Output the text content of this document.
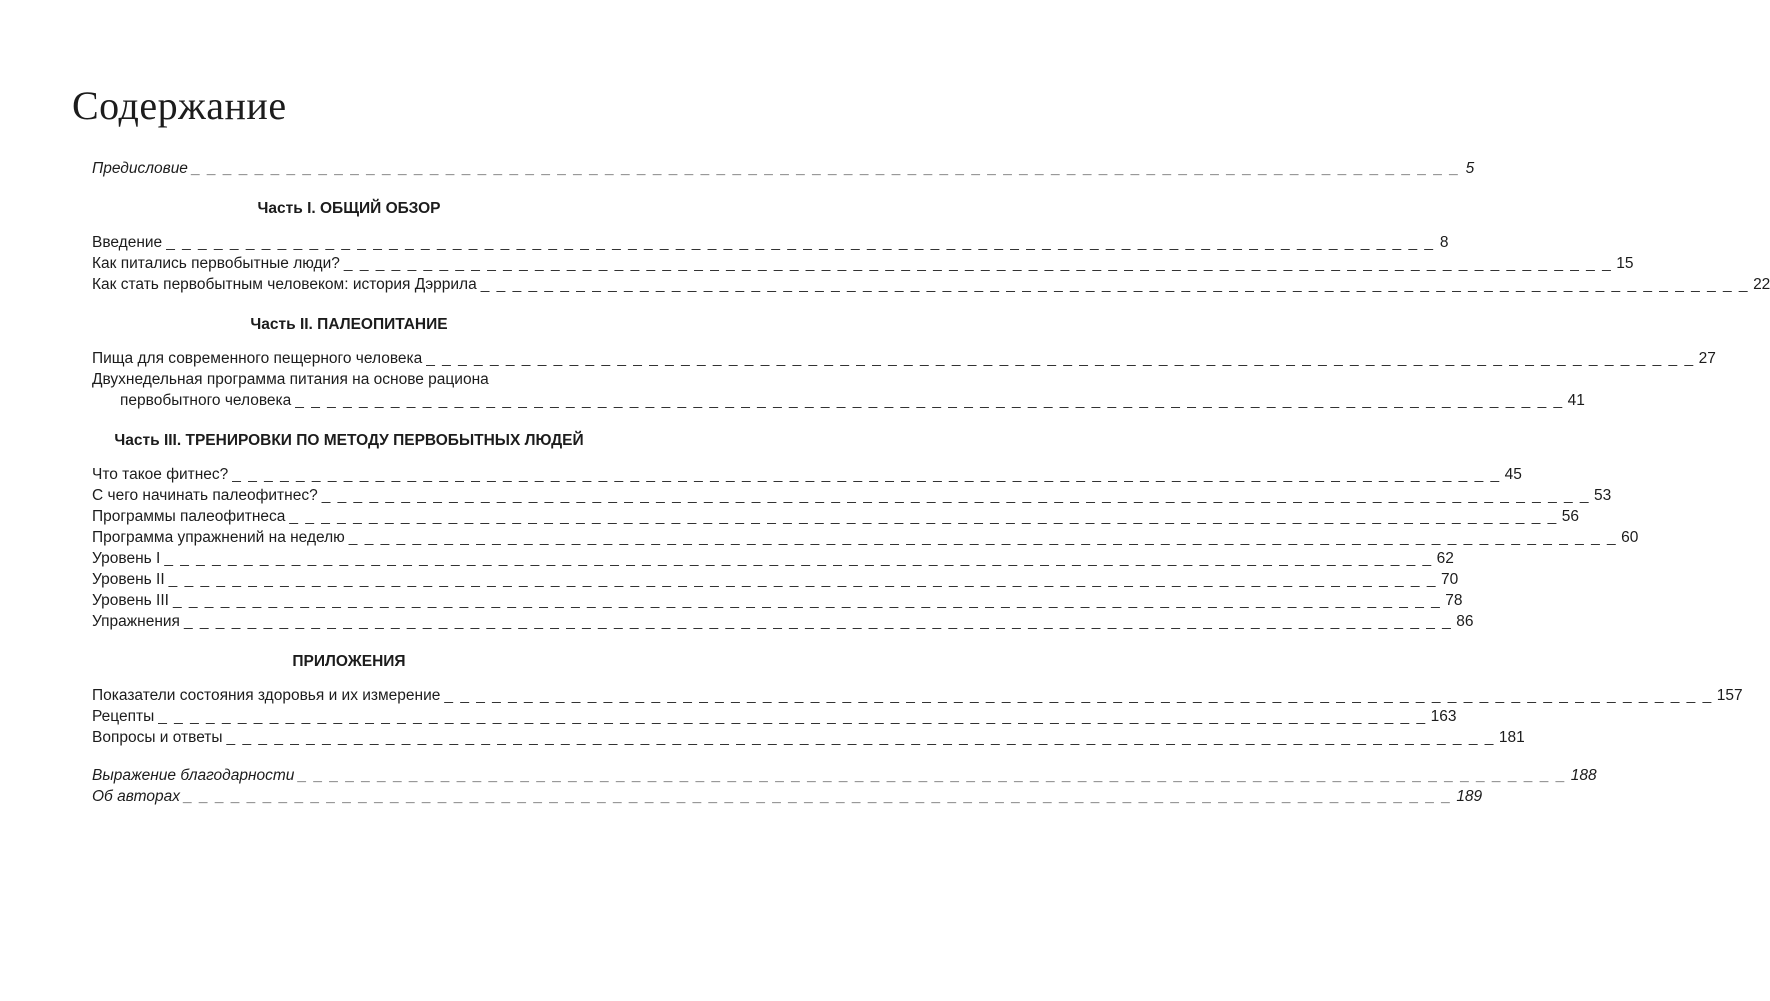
Содержание
Предисловие _ _ _ _ _ _ _ _ _ _ _ _ _ _ _ _ _ _ _ _ _ _ _ _ _ _ _ _ _ _ _ _ _ _ _ _ _ _ _ _ _ _ _ _ _ _ _ _ _ _ _ _ _ _ _ _ _ _ _ _ _ _ _ _ _ _ _ _ _ _ _ _ _ _ _ _ _ _ _ _ 5
Часть I. ОБЩИЙ ОБЗОР
Введение _ _ _ _ _ _ _ _ _ _ _ _ _ _ _ _ _ _ _ _ _ _ _ _ _ _ _ _ _ _ _ _ _ _ _ _ _ _ _ _ _ _ _ _ _ _ _ _ _ _ _ _ _ _ _ _ _ _ _ _ _ _ _ _ _ _ _ _ _ _ _ _ _ _ _ _ _ _ _ _ 8
Как питались первобытные люди? _ _ _ _ _ _ _ _ _ _ _ _ _ _ _ _ _ _ _ _ _ _ _ _ _ _ _ _ _ _ _ _ _ _ _ _ _ _ _ _ _ _ _ _ _ _ _ _ _ _ _ _ _ _ _ _ _ _ _ _ _ _ _ _ _ _ _ _ _ _ _ _ _ _ _ _ _ _ _ _ 15
Как стать первобытным человеком: история Дэррила _ _ _ _ _ _ _ _ _ _ _ _ _ _ _ _ _ _ _ _ _ _ _ _ _ _ _ _ _ _ _ _ _ _ _ _ _ _ _ _ _ _ _ _ _ _ _ _ _ _ _ _ _ _ _ _ _ _ _ _ _ _ _ _ _ _ _ _ _ _ _ _ _ _ _ _ _ _ _ _ 22
Часть II. ПАЛЕОПИТАНИЕ
Пища для современного пещерного человека _ _ _ _ _ _ _ _ _ _ _ _ _ _ _ _ _ _ _ _ _ _ _ _ _ _ _ _ _ _ _ _ _ _ _ _ _ _ _ _ _ _ _ _ _ _ _ _ _ _ _ _ _ _ _ _ _ _ _ _ _ _ _ _ _ _ _ _ _ _ _ _ _ _ _ _ _ _ _ _ 27
Двухнедельная программа питания на основе рациона
первобытного человека _ _ _ _ _ _ _ _ _ _ _ _ _ _ _ _ _ _ _ _ _ _ _ _ _ _ _ _ _ _ _ _ _ _ _ _ _ _ _ _ _ _ _ _ _ _ _ _ _ _ _ _ _ _ _ _ _ _ _ _ _ _ _ _ _ _ _ _ _ _ _ _ _ _ _ _ _ _ _ _ 41
Часть III. ТРЕНИРОВКИ ПО МЕТОДУ ПЕРВОБЫТНЫХ ЛЮДЕЙ
Что такое фитнес? _ _ _ _ _ _ _ _ _ _ _ _ _ _ _ _ _ _ _ _ _ _ _ _ _ _ _ _ _ _ _ _ _ _ _ _ _ _ _ _ _ _ _ _ _ _ _ _ _ _ _ _ _ _ _ _ _ _ _ _ _ _ _ _ _ _ _ _ _ _ _ _ _ _ _ _ _ _ _ _ 45
С чего начинать палеофитнес? _ _ _ _ _ _ _ _ _ _ _ _ _ _ _ _ _ _ _ _ _ _ _ _ _ _ _ _ _ _ _ _ _ _ _ _ _ _ _ _ _ _ _ _ _ _ _ _ _ _ _ _ _ _ _ _ _ _ _ _ _ _ _ _ _ _ _ _ _ _ _ _ _ _ _ _ _ _ _ _ 53
Программы палеофитнеса _ _ _ _ _ _ _ _ _ _ _ _ _ _ _ _ _ _ _ _ _ _ _ _ _ _ _ _ _ _ _ _ _ _ _ _ _ _ _ _ _ _ _ _ _ _ _ _ _ _ _ _ _ _ _ _ _ _ _ _ _ _ _ _ _ _ _ _ _ _ _ _ _ _ _ _ _ _ _ _ 56
Программа упражнений на неделю _ _ _ _ _ _ _ _ _ _ _ _ _ _ _ _ _ _ _ _ _ _ _ _ _ _ _ _ _ _ _ _ _ _ _ _ _ _ _ _ _ _ _ _ _ _ _ _ _ _ _ _ _ _ _ _ _ _ _ _ _ _ _ _ _ _ _ _ _ _ _ _ _ _ _ _ _ _ _ _ 60
Уровень I _ _ _ _ _ _ _ _ _ _ _ _ _ _ _ _ _ _ _ _ _ _ _ _ _ _ _ _ _ _ _ _ _ _ _ _ _ _ _ _ _ _ _ _ _ _ _ _ _ _ _ _ _ _ _ _ _ _ _ _ _ _ _ _ _ _ _ _ _ _ _ _ _ _ _ _ _ _ _ _ 62
Уровень II _ _ _ _ _ _ _ _ _ _ _ _ _ _ _ _ _ _ _ _ _ _ _ _ _ _ _ _ _ _ _ _ _ _ _ _ _ _ _ _ _ _ _ _ _ _ _ _ _ _ _ _ _ _ _ _ _ _ _ _ _ _ _ _ _ _ _ _ _ _ _ _ _ _ _ _ _ _ _ _ 70
Уровень III _ _ _ _ _ _ _ _ _ _ _ _ _ _ _ _ _ _ _ _ _ _ _ _ _ _ _ _ _ _ _ _ _ _ _ _ _ _ _ _ _ _ _ _ _ _ _ _ _ _ _ _ _ _ _ _ _ _ _ _ _ _ _ _ _ _ _ _ _ _ _ _ _ _ _ _ _ _ _ _ 78
Упражнения _ _ _ _ _ _ _ _ _ _ _ _ _ _ _ _ _ _ _ _ _ _ _ _ _ _ _ _ _ _ _ _ _ _ _ _ _ _ _ _ _ _ _ _ _ _ _ _ _ _ _ _ _ _ _ _ _ _ _ _ _ _ _ _ _ _ _ _ _ _ _ _ _ _ _ _ _ _ _ _ 86
ПРИЛОЖЕНИЯ
Показатели состояния здоровья и их измерение _ _ _ _ _ _ _ _ _ _ _ _ _ _ _ _ _ _ _ _ _ _ _ _ _ _ _ _ _ _ _ _ _ _ _ _ _ _ _ _ _ _ _ _ _ _ _ _ _ _ _ _ _ _ _ _ _ _ _ _ _ _ _ _ _ _ _ _ _ _ _ _ _ _ _ _ _ _ _ _ 157
Рецепты _ _ _ _ _ _ _ _ _ _ _ _ _ _ _ _ _ _ _ _ _ _ _ _ _ _ _ _ _ _ _ _ _ _ _ _ _ _ _ _ _ _ _ _ _ _ _ _ _ _ _ _ _ _ _ _ _ _ _ _ _ _ _ _ _ _ _ _ _ _ _ _ _ _ _ _ _ _ _ _ 163
Вопросы и ответы _ _ _ _ _ _ _ _ _ _ _ _ _ _ _ _ _ _ _ _ _ _ _ _ _ _ _ _ _ _ _ _ _ _ _ _ _ _ _ _ _ _ _ _ _ _ _ _ _ _ _ _ _ _ _ _ _ _ _ _ _ _ _ _ _ _ _ _ _ _ _ _ _ _ _ _ _ _ _ _ 181
Выражение благодарности _ _ _ _ _ _ _ _ _ _ _ _ _ _ _ _ _ _ _ _ _ _ _ _ _ _ _ _ _ _ _ _ _ _ _ _ _ _ _ _ _ _ _ _ _ _ _ _ _ _ _ _ _ _ _ _ _ _ _ _ _ _ _ _ _ _ _ _ _ _ _ _ _ _ _ _ _ _ _ _ 188
Об авторах _ _ _ _ _ _ _ _ _ _ _ _ _ _ _ _ _ _ _ _ _ _ _ _ _ _ _ _ _ _ _ _ _ _ _ _ _ _ _ _ _ _ _ _ _ _ _ _ _ _ _ _ _ _ _ _ _ _ _ _ _ _ _ _ _ _ _ _ _ _ _ _ _ _ _ _ _ _ _ _ 189
